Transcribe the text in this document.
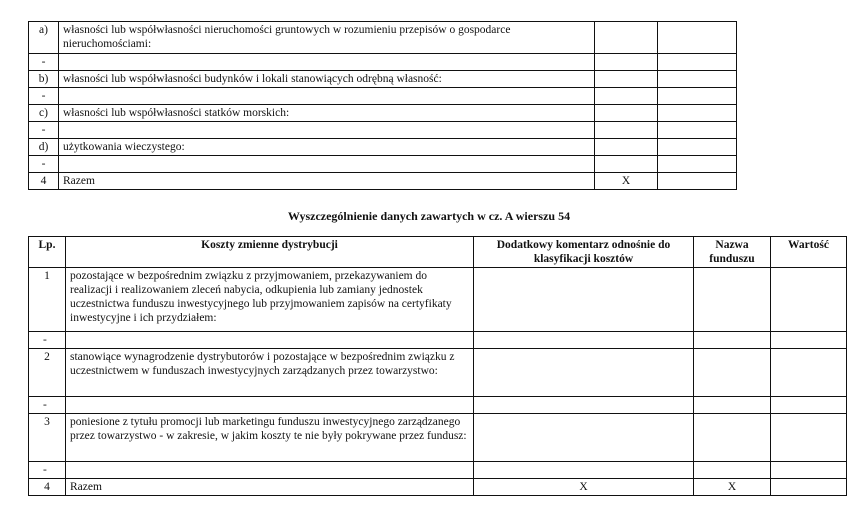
a)	własności lub współwłasności nieruchomości gruntowych w rozumieniu przepisów o gospodarce nieruchomościami:		
-			
b)	własności lub współwłasności budynków i lokali stanowiących odrębną własność:		
-			
c)	własności lub współwłasności statków morskich:		
-			
d)	użytkowania wieczystego:		
-			
4	Razem	X	
Wyszczególnienie danych zawartych w cz. A wierszu 54
Lp.	Koszty zmienne dystrybucji	Dodatkowy komentarz odnośnie do klasyfikacji kosztów	Nazwa funduszu	Wartość
1	pozostające w bezpośrednim związku z przyjmowaniem, przekazywaniem do realizacji i realizowaniem zleceń nabycia, odkupienia lub zamiany jednostek uczestnictwa funduszu inwestycyjnego lub przyjmowaniem zapisów na certyfikaty inwestycyjne i ich przydziałem:			
-				
2	stanowiące wynagrodzenie dystrybutorów i pozostające w bezpośrednim związku z uczestnictwem w funduszach inwestycyjnych zarządzanych przez towarzystwo:			
-				
3	poniesione z tytułu promocji lub marketingu funduszu inwestycyjnego zarządzanego przez towarzystwo - w zakresie, w jakim koszty te nie były pokrywane przez fundusz:			
-				
4	Razem	X	X	
